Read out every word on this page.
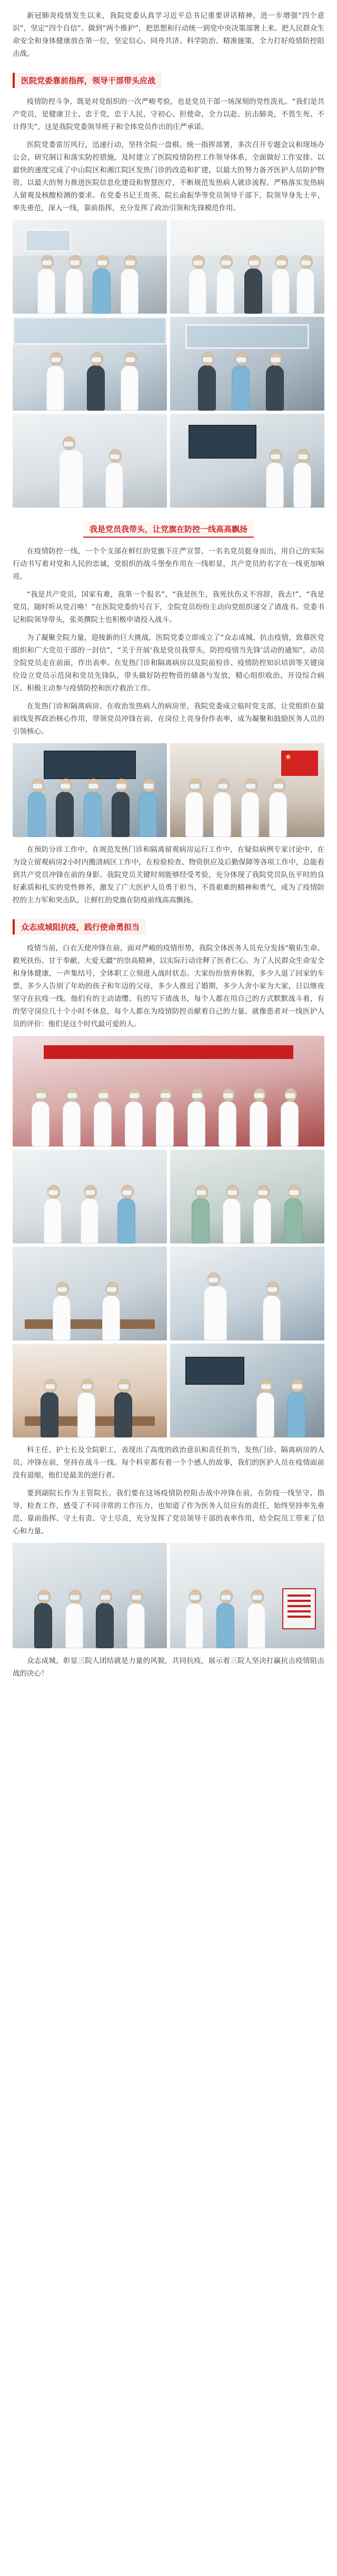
新冠肺炎疫情发生以来，我院党委认真学习近平总书记重要讲话精神，进一步增强“四个意识”，坚定“四个自信”、做到“两个维护”，把思想和行动统一到党中央决策部署上来。把人民群众生命安全和身体健康放在第一位，坚定信心、同舟共济、科学防治、精准施策，全力打好疫情防控阻击战。

医院党委靠前指挥，领导干部带头应战

疫情防控斗争，既是对党组织的一次严峻考验，也是党员干部一场深刻的党性洗礼。“我们是共产党员，是健康卫士、忠于党，忠于人民，守初心、担使命，全力以赴、抗击肺炎，不畏生死、不计得失”，这是我院党委领导班子和全体党员作出的庄严承诺。

医院党委雷厉风行，迅速行动，坚持全院一盘棋、统一指挥部署，多次召开专题会议和现场办公会，研究制订和落实防控措施，及时建立了医院疫情防控工作领导体系，全面做好工作安排。以最快的速度完成了中山院区和湘江院区发热门诊的改造和扩建，以最大的努力备齐医护人员防护物资，以最大的努力推进医院信息化建设和智慧医疗，不断规范发热病人就诊流程。严格落实发热病人留观及核酸检测的要求。在党委书记王贵英、院长俞振华等党员领导干部下，院领导身先士卒、率先垂范，深入一线，靠前指挥，充分发挥了政治引领和先锋模范作用。

我是党员我带头，让党旗在防控一线高高飘扬

在疫情防控一线，一个个支部在鲜红的党旗下庄严宣誓，一名名党员挺身而出，用自己的实际行动书写着对党和人民的忠诚，党组织的战斗堡垒作用在一线彰显，共产党员的名字在一线更加响亮。

“我是共产党员，国家有难，我第一个报名”，“我是医生，我死扶伤义不容辞，我去!”，“我是党员，随时听从党召唤！”在医院党委的号召下，全院党员纷纷主动向党组织递交了请战书。党委书记和院领导带头，张英撰院士也积极申请投入战斗。

为了凝聚全院力量，迎接新的巨大挑战，医院党委立即成立了“众志成城、抗击疫情，致慕医党组织和广大党员干部的一封信”，“关于开展‘我是党员我带头，防控疫情当先锋’活动的通知”，动员全院党员走在前面，作出表率。在发热门诊和隔离病房以及院前检诊、疫情防控知识培训等关键岗位设立党员示范岗和党员先锋队，带头做好防控物资的储备与发放，精心组织收治、开设综合病区、积极主动参与疫情防控和医疗救治工作。

在发热门诊和隔离病房、在收治发热病人的病房里，我院党委成立临时党支部，让党组织在最前线发挥政治核心作用，带领党员冲锋在前，在岗位上亮身份作表率，成为凝聚和鼓励医务人员的引领核心。

★

在预防分诊工作中，在规范发热门诊和隔离留观病房运行工作中，在疑似病例专家讨论中，在为设立留观病房2小时内搬清病区工作中，在检验检查、物资供应及后勤保障等各项工作中，总能看到共产党员冲锋在前的身影。我院党员关键时刻能够经受考验，充分体现了我院党员队伍平时的良好素质和扎实的党性修养，激发了广大医护人员勇于担当、不畏艰难的精神和勇气，成为了疫情防控的主力军和突击队，让鲜红的党旗在防疫前线高高飘扬。

众志成城阻抗疫，践行使命勇担当

疫情当前，白衣天使冲锋在前，面对严峻的疫情形势，我院全体医务人员充分发扬“敬佑生命、救死扶伤、甘于奉献、大爱无疆”的崇高精神，以实际行动诠释了医者仁心。为了人民群众生命安全和身体健康，一声集结号，全体职工立刻进入战时状态。大家纷纷放弃休假，多少人退了回家的车票，多少人告别了年幼的孩子和年迈的父母，多少人推迟了婚期，多少人舍小家为大家，日以继夜坚守在抗疫一线。他们有的主动请缨、有的写下请战书，每个人都在用自己的方式默默战斗着，有的坚守岗位几十个小时不休息，每个人都在为疫情防控贡献着自己的力量。就像患者对一线医护人员的评价：他们是这个时代最可爱的人。

科主任、护士长及全院职工，表现出了高度的政治意识和责任担当，发热门诊、隔离病房的人员，冲锋在前，坚持在战斗一线。每个科室都有着一个个感人的故事，我们的医护人员在疫情面前没有退缩，他们是最美的逆行者。

要到副院长作为主管院长，我们要在这场疫情防控阻击战中冲锋在前，在防疫一线坚守、指导、检查工作，感受了不同寻常的工作压力，也知道了作为医务人员应有的责任，始终坚持率先垂范、靠前指挥、守土有责、守土尽责，充分发挥了党员领导干部的表率作用，给全院员工带来了信心和力量。

众志成城，彰显三院人团结就是力量的风貌，共同抗疫，展示着三院人坚决打赢抗击疫情阻击战的决心！
